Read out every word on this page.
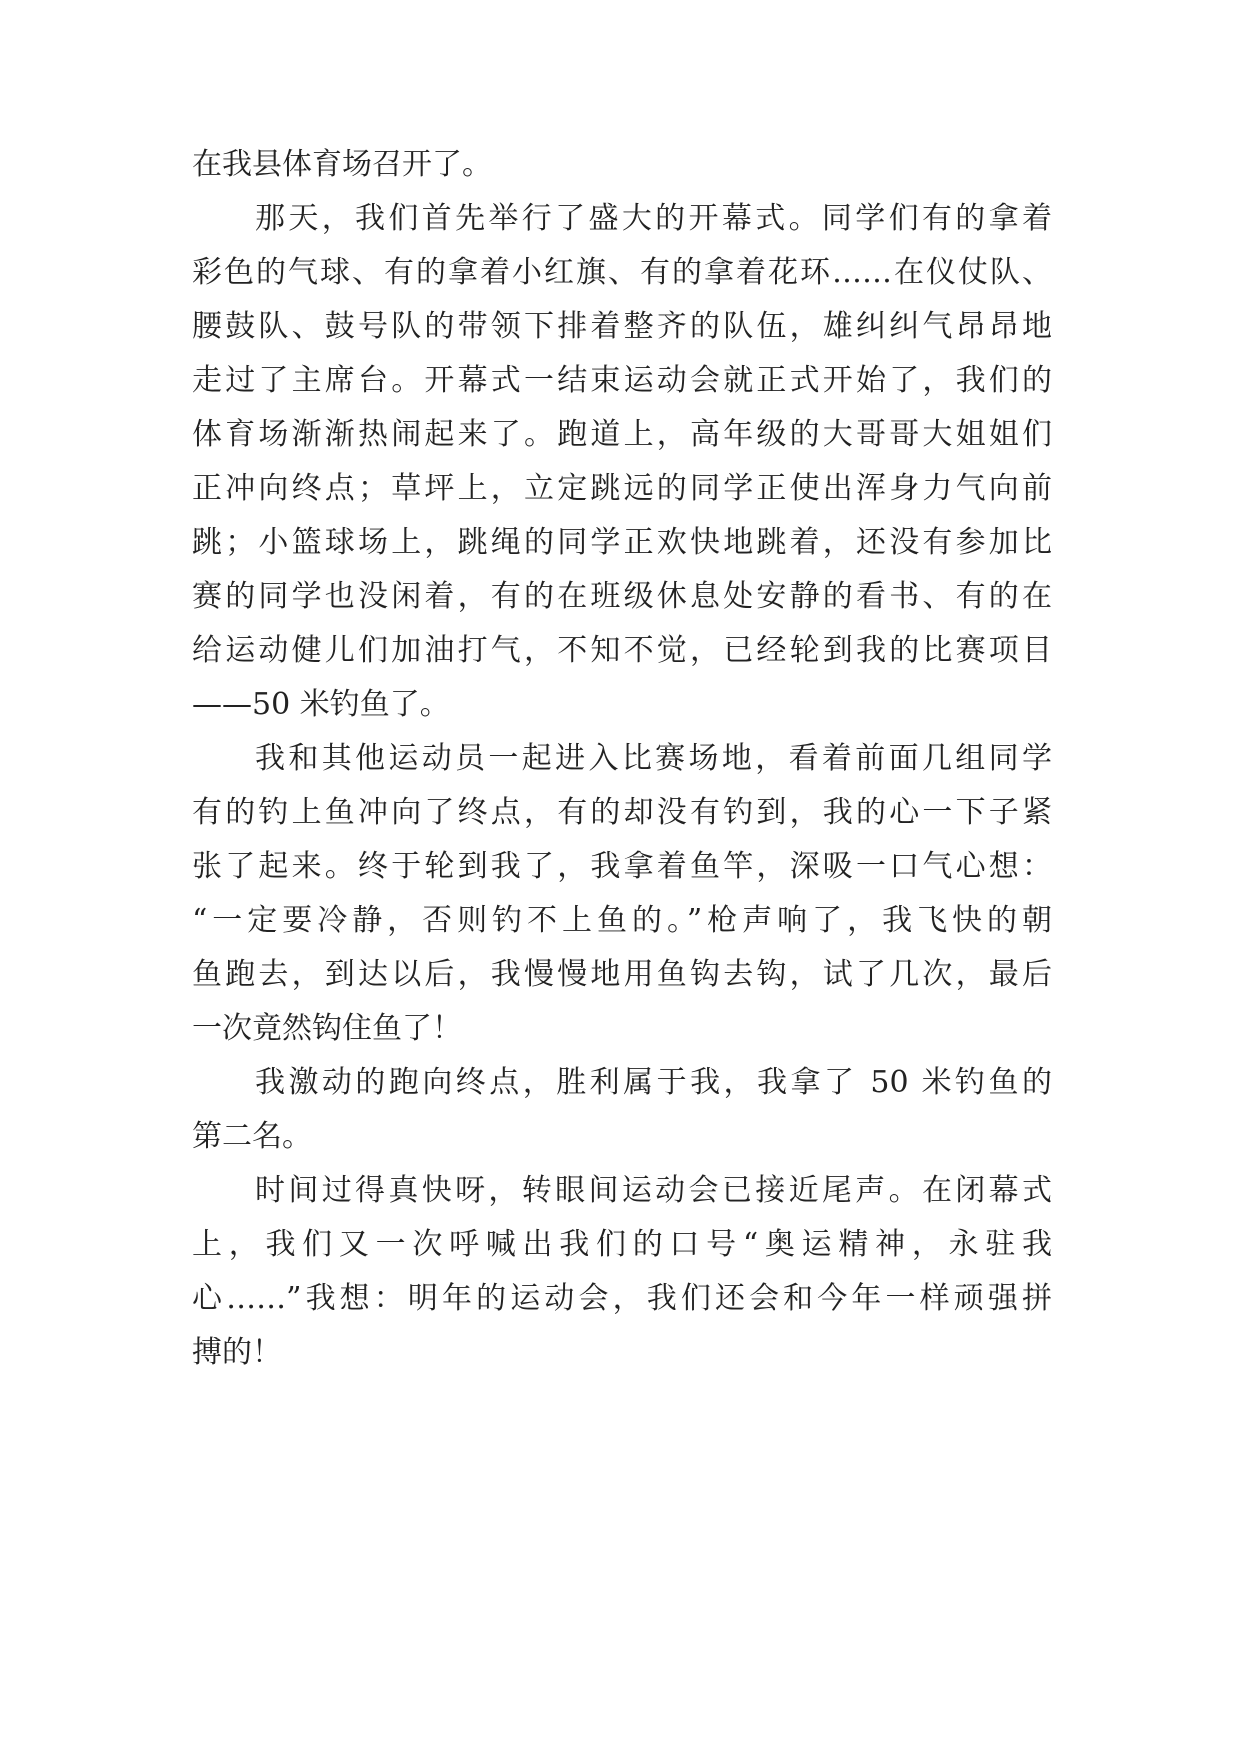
在我县体育场召开了。
那天，我们首先举行了盛大的开幕式。同学们有的拿着
彩色的气球、有的拿着小红旗、有的拿着花环……在仪仗队、
腰鼓队、鼓号队的带领下排着整齐的队伍，雄纠纠气昂昂地
走过了主席台。开幕式一结束运动会就正式开始了，我们的
体育场渐渐热闹起来了。跑道上，高年级的大哥哥大姐姐们
正冲向终点；草坪上，立定跳远的同学正使出浑身力气向前
跳；小篮球场上，跳绳的同学正欢快地跳着，还没有参加比
赛的同学也没闲着，有的在班级休息处安静的看书、有的在
给运动健儿们加油打气，不知不觉，已经轮到我的比赛项目
——50 米钓鱼了。
我和其他运动员一起进入比赛场地，看着前面几组同学
有的钓上鱼冲向了终点，有的却没有钓到，我的心一下子紧
张了起来。终于轮到我了，我拿着鱼竿，深吸一口气心想：
“一定要冷静，否则钓不上鱼的。”枪声响了，我飞快的朝
鱼跑去，到达以后，我慢慢地用鱼钩去钩，试了几次，最后
一次竟然钩住鱼了！
我激动的跑向终点，胜利属于我，我拿了 50 米钓鱼的
第二名。
时间过得真快呀，转眼间运动会已接近尾声。在闭幕式
上，我们又一次呼喊出我们的口号“奥运精神，永驻我
心……”我想：明年的运动会，我们还会和今年一样顽强拼
搏的！
